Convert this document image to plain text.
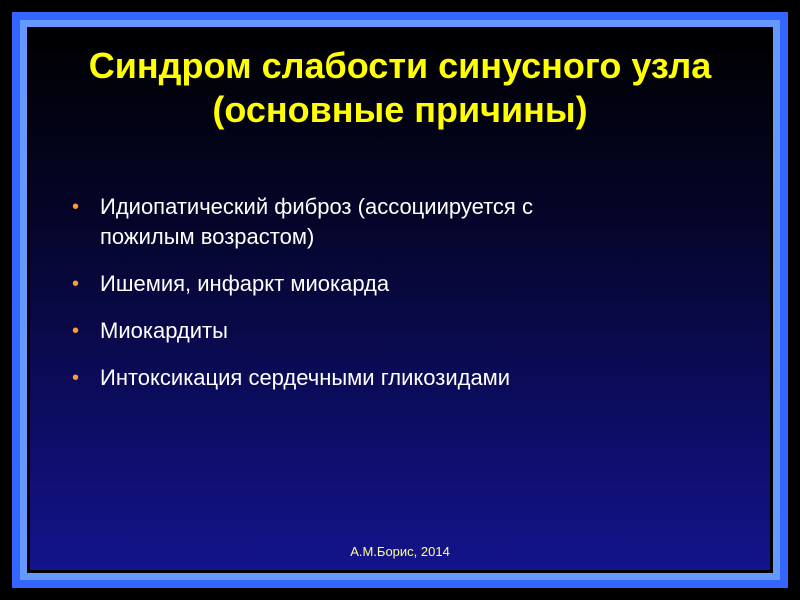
Синдром слабости синусного узла
(основные причины)
• Идиопатический фиброз (ассоциируется с
пожилым возрастом)
• Ишемия, инфаркт миокарда
• Миокардиты
• Интоксикация сердечными гликозидами
А.М.Борис, 2014
